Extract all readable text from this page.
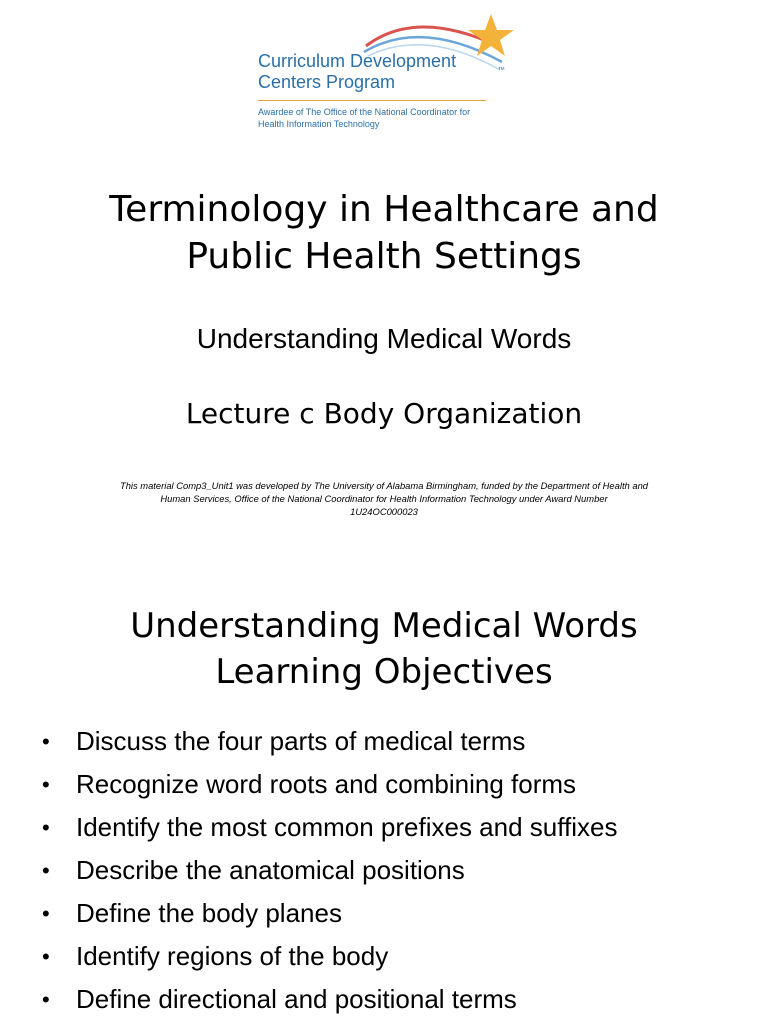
TM
Curriculum Development
Centers Program
Awardee of The Office of the National Coordinator for
Health Information Technology
Terminology in Healthcare and
Public Health Settings
Understanding Medical Words
Lecture c Body Organization
This material Comp3_Unit1 was developed by The University of Alabama Birmingham, funded by the Department of Health and
Human Services, Office of the National Coordinator for Health Information Technology under Award Number
1U24OC000023
Understanding Medical Words
Learning Objectives
• Discuss the four parts of medical terms
• Recognize word roots and combining forms
• Identify the most common prefixes and suffixes
• Describe the anatomical positions
• Define the body planes
• Identify regions of the body
• Define directional and positional terms
